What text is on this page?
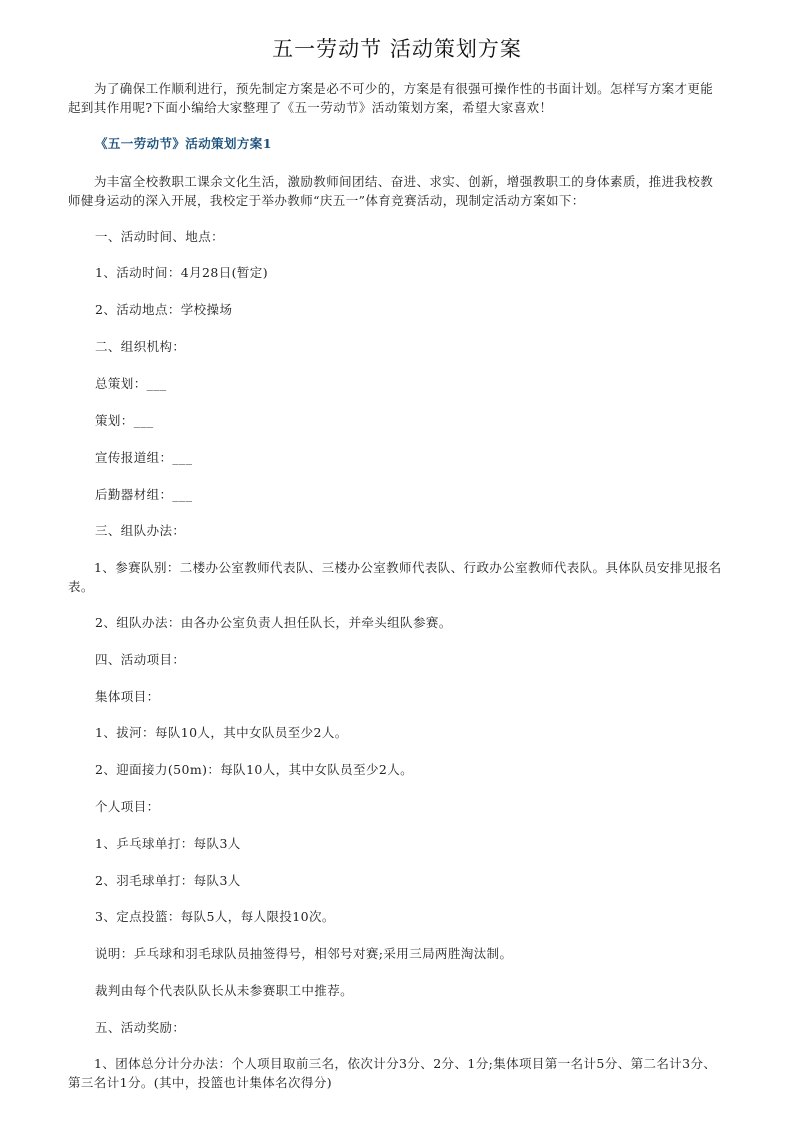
五一劳动节 活动策划方案

为了确保工作顺利进行，预先制定方案是必不可少的，方案是有很强可操作性的书面计划。怎样写方案才更能起到其作用呢?下面小编给大家整理了《五一劳动节》活动策划方案，希望大家喜欢！

《五一劳动节》活动策划方案1

为丰富全校教职工课余文化生活，激励教师间团结、奋进、求实、创新，增强教职工的身体素质，推进我校教师健身运动的深入开展，我校定于举办教师“庆五一”体育竞赛活动，现制定活动方案如下：

一、活动时间、地点：

1、活动时间：4月28日(暂定)

2、活动地点：学校操场

二、组织机构：

总策划：___

策划：___

宣传报道组：___

后勤器材组：___

三、组队办法：

1、参赛队别：二楼办公室教师代表队、三楼办公室教师代表队、行政办公室教师代表队。具体队员安排见报名表。

2、组队办法：由各办公室负责人担任队长，并牵头组队参赛。

四、活动项目：

集体项目：

1、拔河：每队10人，其中女队员至少2人。

2、迎面接力(50m)：每队10人，其中女队员至少2人。

个人项目：

1、乒乓球单打：每队3人

2、羽毛球单打：每队3人

3、定点投篮：每队5人，每人限投10次。

说明：乒乓球和羽毛球队员抽签得号，相邻号对赛;采用三局两胜淘汰制。

裁判由每个代表队队长从未参赛职工中推荐。

五、活动奖励：

1、团体总分计分办法：个人项目取前三名，依次计分3分、2分、1分;集体项目第一名计5分、第二名计3分、第三名计1分。(其中，投篮也计集体名次得分)
